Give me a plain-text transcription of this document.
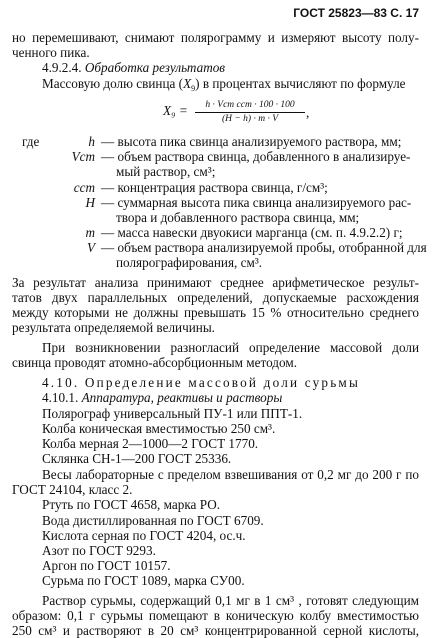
ГОСТ 25823—83 С. 17
но перемешивают, снимают полярограмму и измеряют высоту полу-
ченного пика.
4.9.2.4. Обработка результатов
Массовую долю свинца $(X_9)$ в процентах вычисляют по формуле
X₉ =	h · Vст cст · 100 · 100
(H − h) · m · V	,
где	h — высота пика свинца анализируемого раствора, мм;
Vст — объем раствора свинца, добавленного в анализируе-
мый раствор, см³;
cст — концентрация раствора свинца, г/см³;
H — суммарная высота пика свинца анализируемого рас-
твора и добавленного раствора свинца, мм;
m — масса навески двуокиси марганца (см. п. 4.9.2.2) г;
V — объем раствора анализируемой пробы, отобранной для
полярографирования, см³.
За результат анализа принимают среднее арифметическое результ-
татов двух параллельных определений, допускаемые расхождения
между которыми не должны превышать 15 % относительно среднего
результата определяемой величины.
При возникновении разногласий определение массовой доли
свинца проводят атомно-абсорбционным методом.
4.10. Определение массовой доли сурьмы
4.10.1. Аппаратура, реактивы и растворы
Полярограф универсальный ПУ-1 или ППТ-1.
Колба коническая вместимостью 250 см³.
Колба мерная 2—1000—2 ГОСТ 1770.
Склянка СН-1—200 ГОСТ 25336.
Весы лабораторные с пределом взвешивания от 0,2 мг до 200 г по
ГОСТ 24104, класс 2.
Ртуть по ГОСТ 4658, марка РО.
Вода дистиллированная по ГОСТ 6709.
Кислота серная по ГОСТ 4204, ос.ч.
Азот по ГОСТ 9293.
Аргон по ГОСТ 10157.
Сурьма по ГОСТ 1089, марка СУ00.
Раствор сурьмы, содержащий 0,1 мг в 1 см³ , готовят следующим
образом: 0,1 г сурьмы помещают в коническую колбу вместимостью
250 см³ и растворяют в 20 см³ концентрированной серной кислоты,
